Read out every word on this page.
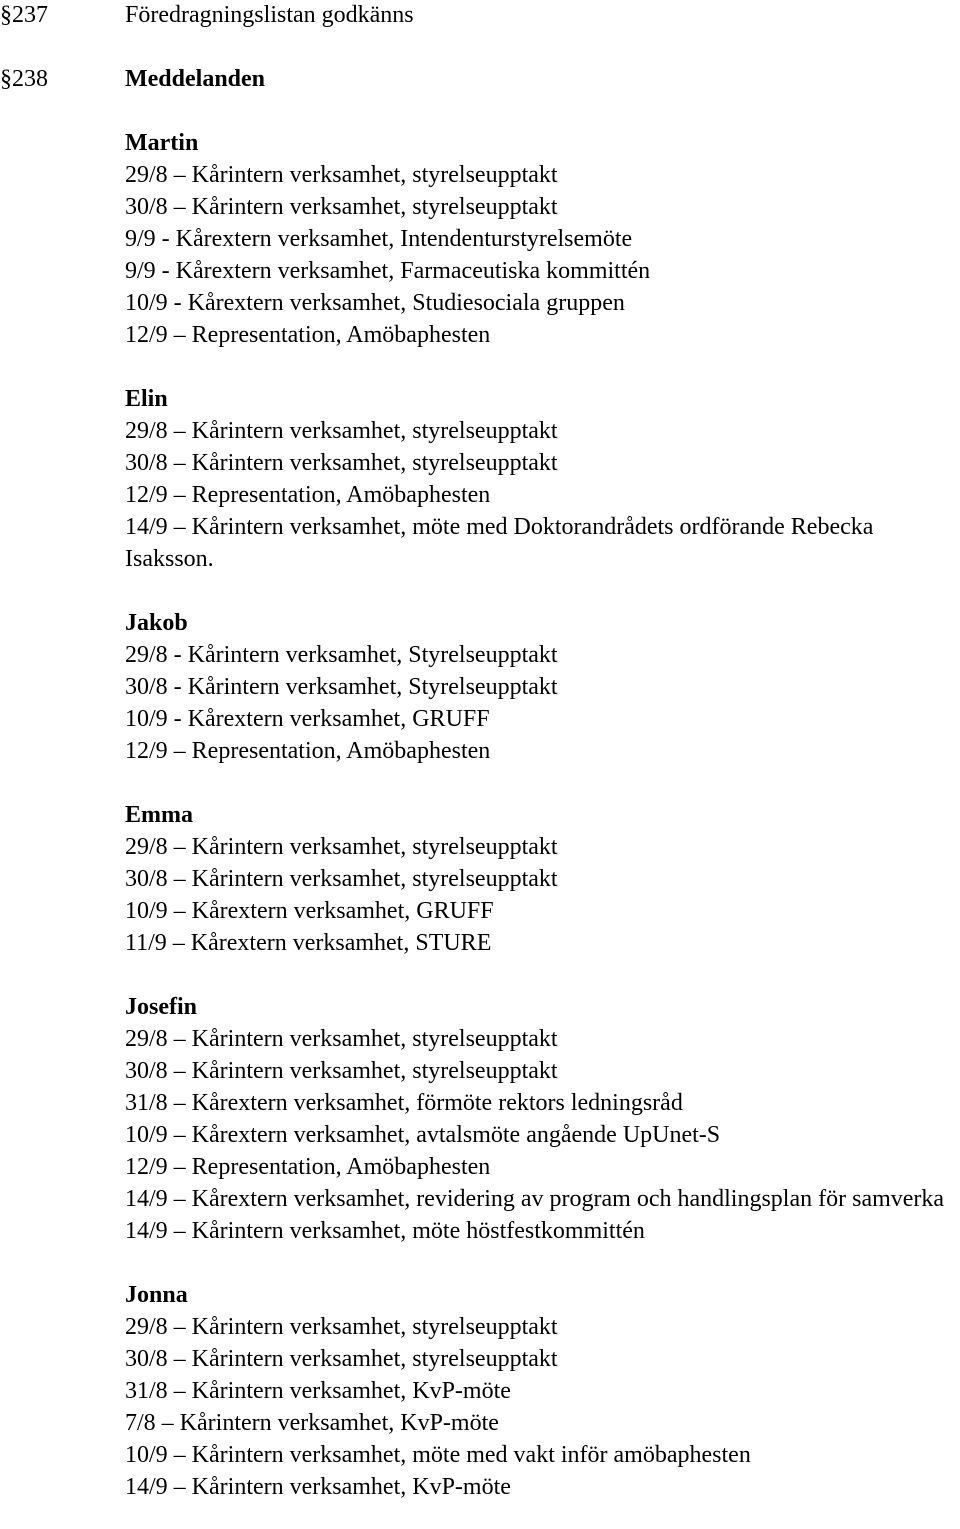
§237	Föredragningslistan godkänns
§238	Meddelanden
Martin
29/8 – Kårintern verksamhet, styrelseupptakt
30/8 – Kårintern verksamhet, styrelseupptakt
9/9 - Kårextern verksamhet, Intendenturstyrelsemöte
9/9 - Kårextern verksamhet, Farmaceutiska kommittén
10/9 - Kårextern verksamhet, Studiesociala gruppen
12/9 – Representation, Amöbaphesten
Elin
29/8 – Kårintern verksamhet, styrelseupptakt
30/8 – Kårintern verksamhet, styrelseupptakt
12/9 – Representation, Amöbaphesten
14/9 – Kårintern verksamhet, möte med Doktorandrådets ordförande Rebecka Isaksson.
Jakob
29/8 - Kårintern verksamhet, Styrelseupptakt
30/8 - Kårintern verksamhet, Styrelseupptakt
10/9 - Kårextern verksamhet, GRUFF
12/9 – Representation, Amöbaphesten
Emma
29/8 – Kårintern verksamhet, styrelseupptakt
30/8 – Kårintern verksamhet, styrelseupptakt
10/9 – Kårextern verksamhet, GRUFF
11/9 – Kårextern verksamhet, STURE
Josefin
29/8 – Kårintern verksamhet, styrelseupptakt
30/8 – Kårintern verksamhet, styrelseupptakt
31/8 – Kårextern verksamhet, förmöte rektors ledningsråd
10/9 – Kårextern verksamhet, avtalsmöte angående UpUnet-S
12/9 – Representation, Amöbaphesten
14/9 – Kårextern verksamhet, revidering av program och handlingsplan för samverka
14/9 – Kårintern verksamhet, möte höstfestkommittén
Jonna
29/8 – Kårintern verksamhet, styrelseupptakt
30/8 – Kårintern verksamhet, styrelseupptakt
31/8 – Kårintern verksamhet, KvP-möte
7/8 – Kårintern verksamhet, KvP-möte
10/9 – Kårintern verksamhet, möte med vakt inför amöbaphesten
14/9 – Kårintern verksamhet, KvP-möte
